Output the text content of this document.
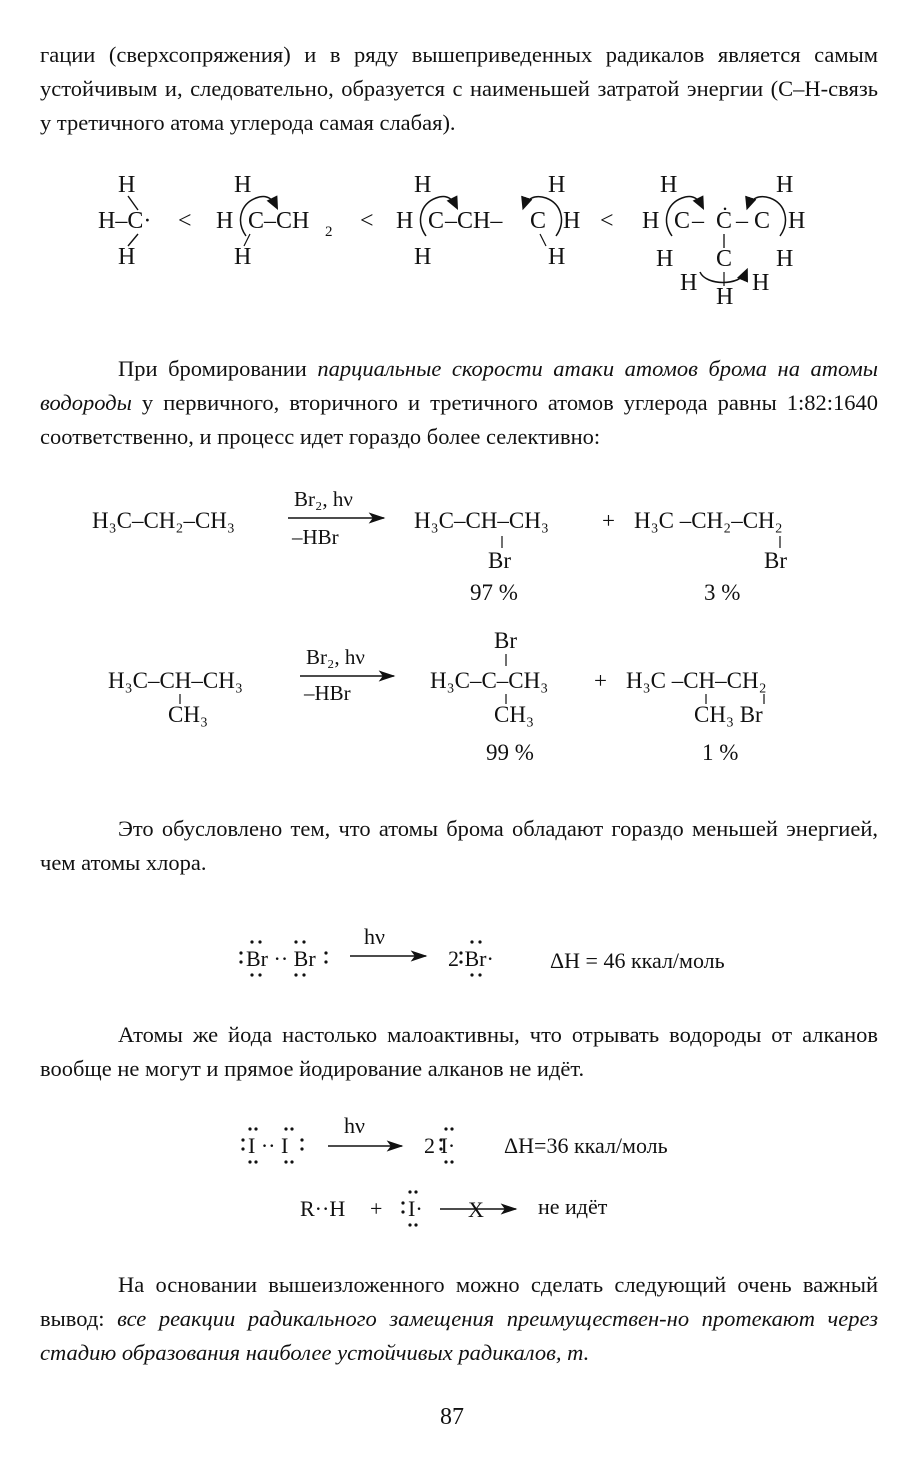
гации (сверхсопряжения) и в ряду вышеприведенных радикалов является самым устойчивым и, следовательно, образуется с наименьшей затратой энергии (С–Н-связь у третичного атома углерода самая слабая).

H
H–C·
H
<
H
H C –CH 2
H
<
H	H
H C –CH– C H
H	H
<
H	H
H C – Ċ – C H
C
H	H
H H
H
H₃C–CH₂–CH₃
Br₂, hν
–HBr
H₃C–CH–CH₃
Br
97 %
+ H₃C –CH₂–CH₂
Br
3 %
H₃C–CH–CH₃
CH₃
Br₂, hν
–HBr
Br
H₃C–C–CH₃
CH₃
99 %
+ H₃C –CH–CH₂
CH₃ Br
1 %
Br ·· Br
hν
2 Br·	ΔH = 46 ккал/моль
I ·· I
hν
2 I· ΔH=36 ккал/моль
R··H + I· X не идёт

При бромировании парциальные скорости атаки атомов брома на атомы водороды у первичного, вторичного и третичного атомов углерода равны 1:82:1640 соответственно, и процесс идет гораздо более селективно:

Это обусловлено тем, что атомы брома обладают гораздо меньшей энергией, чем атомы хлора.

Атомы же йода настолько малоактивны, что отрывать водороды от алканов вообще не могут и прямое йодирование алканов не идёт.

На основании вышеизложенного можно сделать следующий очень важный вывод: все реакции радикального замещения преимуществен-но протекают через стадию образования наиболее устойчивых радикалов, т.

87
